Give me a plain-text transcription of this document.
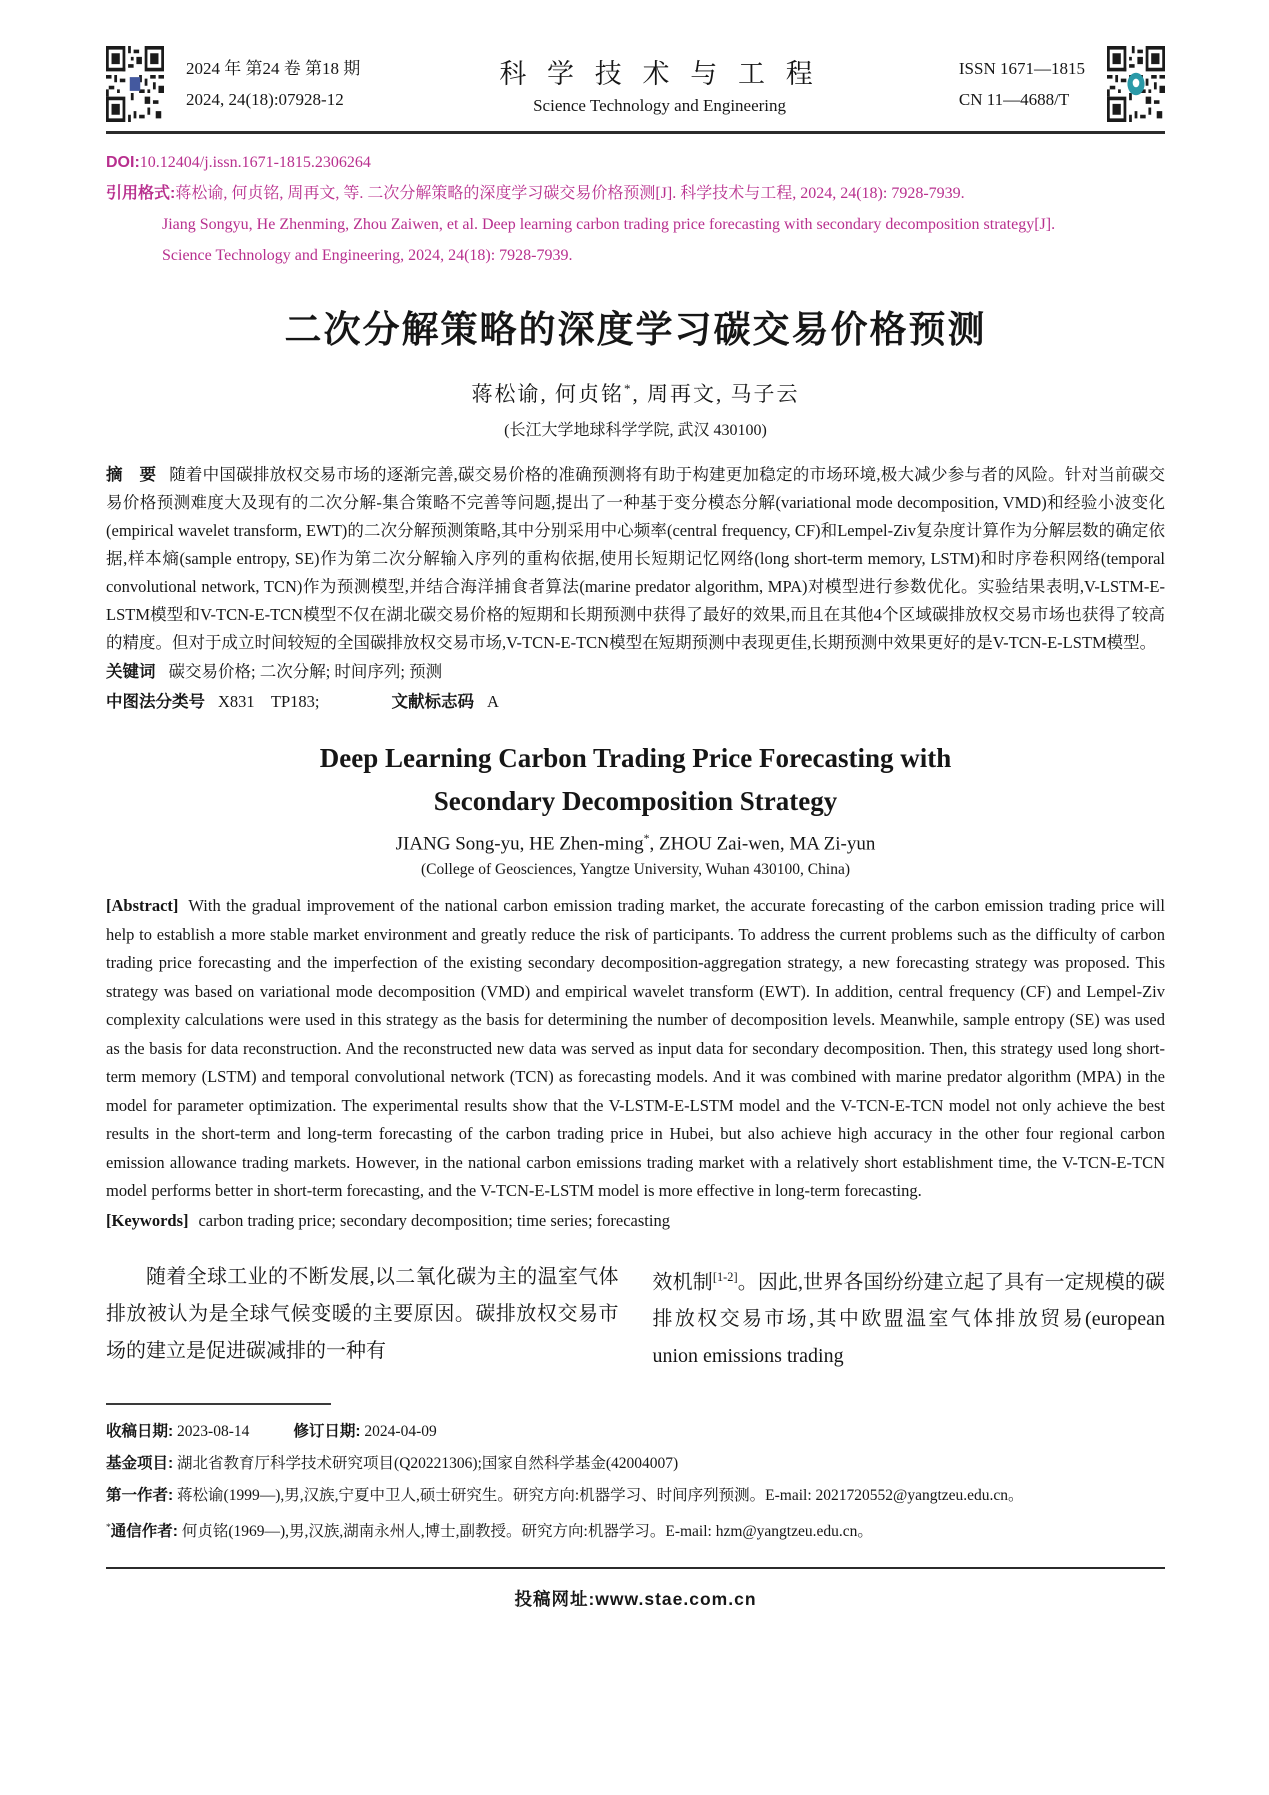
2024 年 第24 卷 第18 期
2024, 24(18):07928-12
科 学 技 术 与 工 程
Science Technology and Engineering
ISSN 1671—1815
CN 11—4688/T
DOI:10.12404/j.issn.1671-1815.2306264
引用格式:蒋松谕, 何贞铭, 周再文, 等. 二次分解策略的深度学习碳交易价格预测[J]. 科学技术与工程, 2024, 24(18): 7928-7939.
Jiang Songyu, He Zhenming, Zhou Zaiwen, et al. Deep learning carbon trading price forecasting with secondary decomposition strategy[J].
Science Technology and Engineering, 2024, 24(18): 7928-7939.
二次分解策略的深度学习碳交易价格预测
蒋松谕, 何贞铭*, 周再文, 马子云
(长江大学地球科学学院, 武汉 430100)

摘　要 随着中国碳排放权交易市场的逐渐完善,碳交易价格的准确预测将有助于构建更加稳定的市场环境,极大减少参与者的风险。针对当前碳交易价格预测难度大及现有的二次分解-集合策略不完善等问题,提出了一种基于变分模态分解(variational mode decomposition, VMD)和经验小波变化(empirical wavelet transform, EWT)的二次分解预测策略,其中分别采用中心频率(central frequency, CF)和Lempel-Ziv复杂度计算作为分解层数的确定依据,样本熵(sample entropy, SE)作为第二次分解输入序列的重构依据,使用长短期记忆网络(long short-term memory, LSTM)和时序卷积网络(temporal convolutional network, TCN)作为预测模型,并结合海洋捕食者算法(marine predator algorithm, MPA)对模型进行参数优化。实验结果表明,V-LSTM-E-LSTM模型和V-TCN-E-TCN模型不仅在湖北碳交易价格的短期和长期预测中获得了最好的效果,而且在其他4个区域碳排放权交易市场也获得了较高的精度。但对于成立时间较短的全国碳排放权交易市场,V-TCN-E-TCN模型在短期预测中表现更佳,长期预测中效果更好的是V-TCN-E-LSTM模型。

关键词 碳交易价格; 二次分解; 时间序列; 预测

中图法分类号 X831    TP183;	文献标志码 A

Deep Learning Carbon Trading Price Forecasting with
Secondary Decomposition Strategy
JIANG Song-yu, HE Zhen-ming*, ZHOU Zai-wen, MA Zi-yun
(College of Geosciences, Yangtze University, Wuhan 430100, China)

[Abstract] With the gradual improvement of the national carbon emission trading market, the accurate forecasting of the carbon emission trading price will help to establish a more stable market environment and greatly reduce the risk of participants. To address the current problems such as the difficulty of carbon trading price forecasting and the imperfection of the existing secondary decomposition-aggregation strategy, a new forecasting strategy was proposed. This strategy was based on variational mode decomposition (VMD) and empirical wavelet transform (EWT). In addition, central frequency (CF) and Lempel-Ziv complexity calculations were used in this strategy as the basis for determining the number of decomposition levels. Meanwhile, sample entropy (SE) was used as the basis for data reconstruction. And the reconstructed new data was served as input data for secondary decomposition. Then, this strategy used long short-term memory (LSTM) and temporal convolutional network (TCN) as forecasting models. And it was combined with marine predator algorithm (MPA) in the model for parameter optimization. The experimental results show that the V-LSTM-E-LSTM model and the V-TCN-E-TCN model not only achieve the best results in the short-term and long-term forecasting of the carbon trading price in Hubei, but also achieve high accuracy in the other four regional carbon emission allowance trading markets. However, in the national carbon emissions trading market with a relatively short establishment time, the V-TCN-E-TCN model performs better in short-term forecasting, and the V-TCN-E-LSTM model is more effective in long-term forecasting.

[Keywords] carbon trading price; secondary decomposition; time series; forecasting

随着全球工业的不断发展,以二氧化碳为主的温室气体排放被认为是全球气候变暖的主要原因。碳排放权交易市场的建立是促进碳减排的一种有

效机制[1-2]。因此,世界各国纷纷建立起了具有一定规模的碳排放权交易市场,其中欧盟温室气体排放贸易(european union emissions trading

收稿日期: 2023-08-14	修订日期: 2024-04-09
基金项目: 湖北省教育厅科学技术研究项目(Q20221306);国家自然科学基金(42004007)
第一作者: 蒋松谕(1999—),男,汉族,宁夏中卫人,硕士研究生。研究方向:机器学习、时间序列预测。E-mail: 2021720552@yangtzeu.edu.cn。
*通信作者: 何贞铭(1969—),男,汉族,湖南永州人,博士,副教授。研究方向:机器学习。E-mail: hzm@yangtzeu.edu.cn。
投稿网址:www.stae.com.cn
